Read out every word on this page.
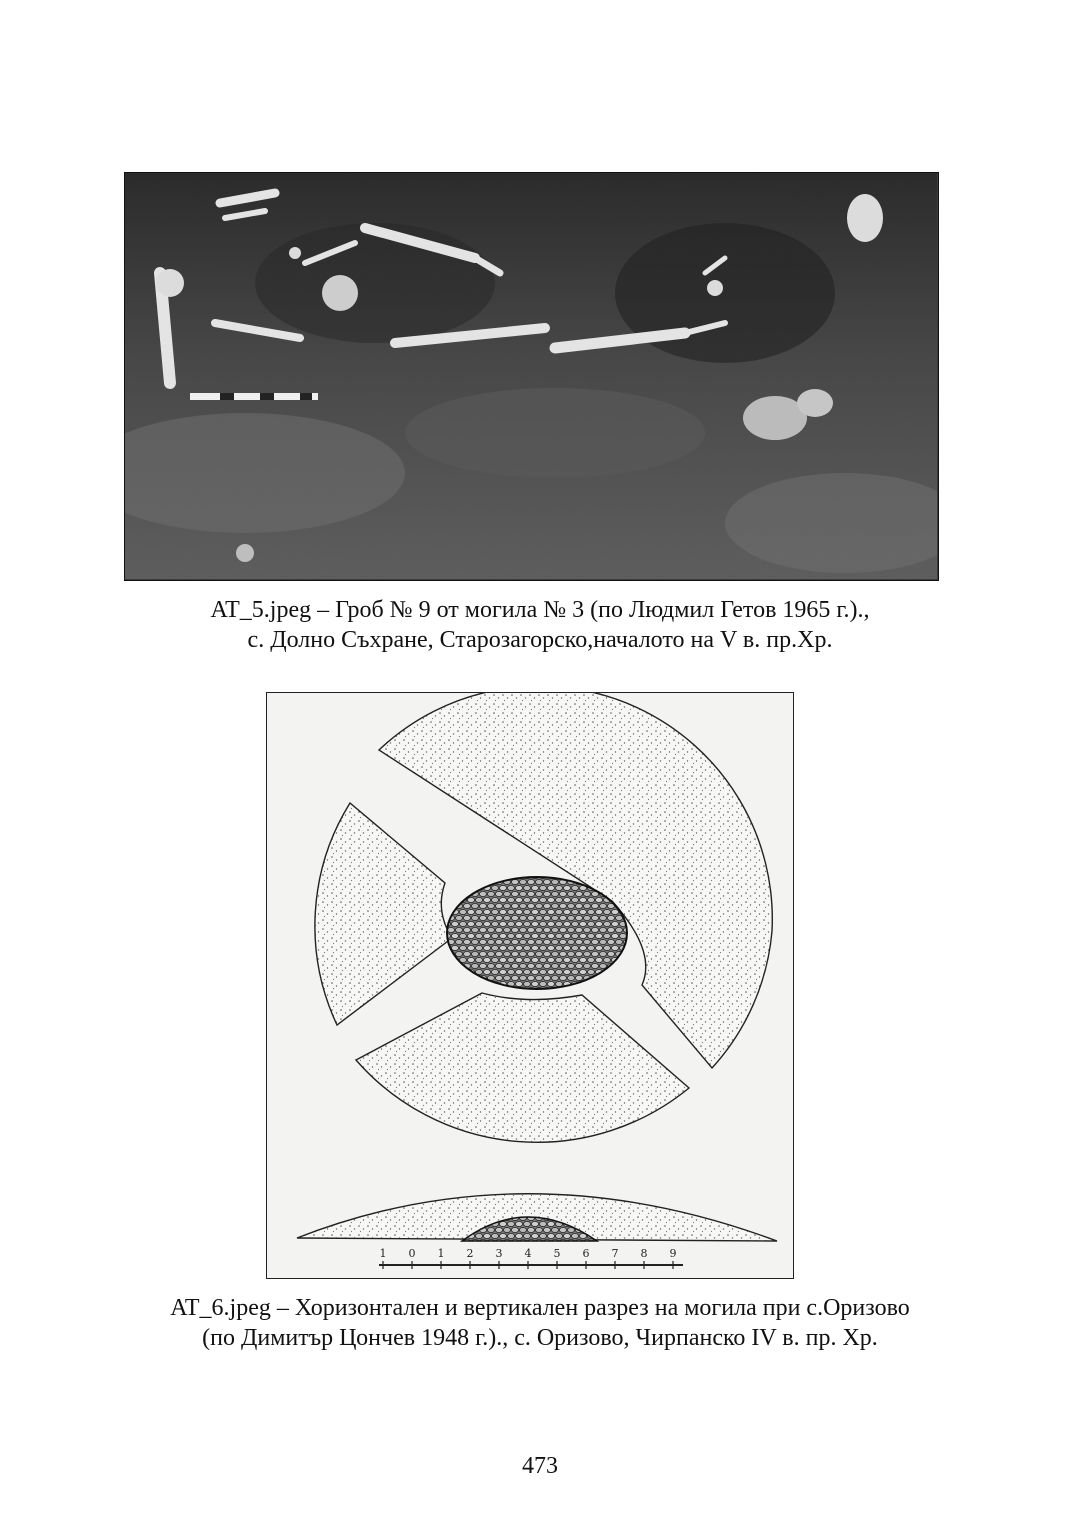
AT_5.jpeg – Гроб № 9 от могила № 3 (по Людмил Гетов 1965 г.).,
с. Долно Съхране, Старозагорско,началото на V в. пр.Хр.
1 0 1 2 3 4 5 6 7 8 9
AT_6.jpeg – Хоризонтален и вертикален разрез на могила при с.Оризово
(по Димитър Цончев 1948 г.)., с. Оризово, Чирпанско IV в. пр. Хр.
473
